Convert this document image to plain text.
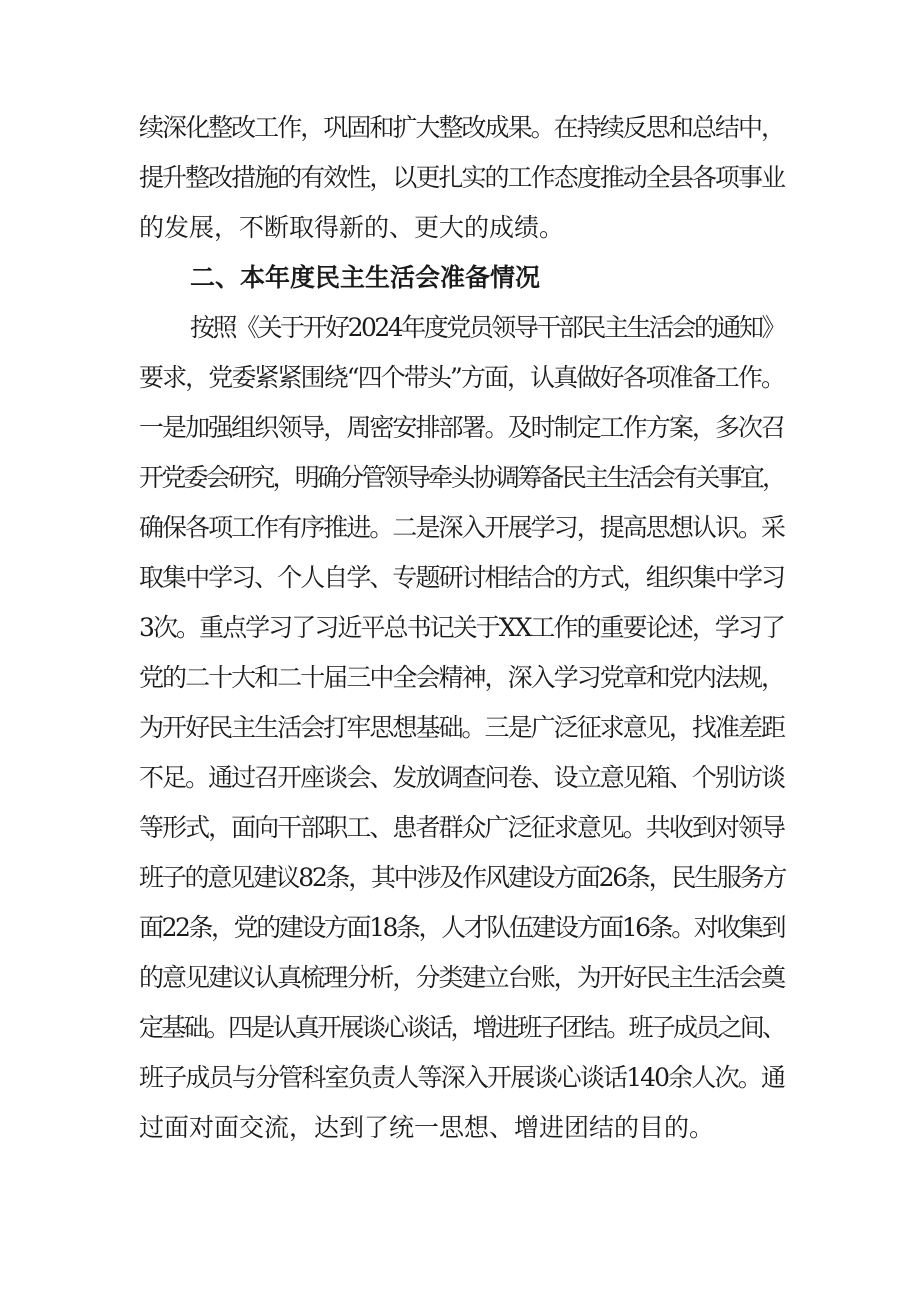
续深化整改工作，巩固和扩大整改成果。在持续反思和总结中，
提升整改措施的有效性，以更扎实的工作态度推动全县各项事业
的发展，不断取得新的、更大的成绩。
二、本年度民主生活会准备情况
按照《关于开好2024年度党员领导干部民主生活会的通知》
要求，党委紧紧围绕“四个带头”方面，认真做好各项准备工作。
一是加强组织领导，周密安排部署。及时制定工作方案，多次召
开党委会研究，明确分管领导牵头协调筹备民主生活会有关事宜，
确保各项工作有序推进。二是深入开展学习，提高思想认识。采
取集中学习、个人自学、专题研讨相结合的方式，组织集中学习
3次。重点学习了习近平总书记关于XX工作的重要论述，学习了
党的二十大和二十届三中全会精神，深入学习党章和党内法规，
为开好民主生活会打牢思想基础。三是广泛征求意见，找准差距
不足。通过召开座谈会、发放调查问卷、设立意见箱、个别访谈
等形式，面向干部职工、患者群众广泛征求意见。共收到对领导
班子的意见建议82条，其中涉及作风建设方面26条，民生服务方
面22条，党的建设方面18条，人才队伍建设方面16条。对收集到
的意见建议认真梳理分析，分类建立台账，为开好民主生活会奠
定基础。四是认真开展谈心谈话，增进班子团结。班子成员之间、
班子成员与分管科室负责人等深入开展谈心谈话140余人次。通
过面对面交流，达到了统一思想、增进团结的目的。
